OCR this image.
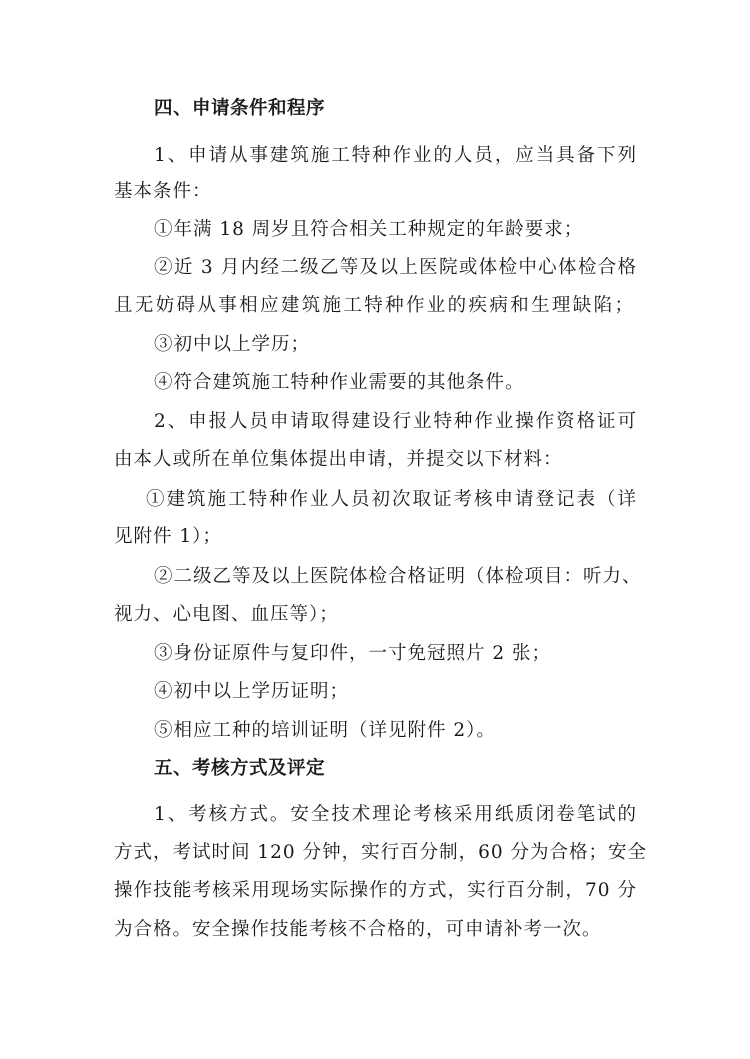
四、申请条件和程序
1、申请从事建筑施工特种作业的人员，应当具备下列
基本条件：
①年满 18 周岁且符合相关工种规定的年龄要求；
②近 3 月内经二级乙等及以上医院或体检中心体检合格
且无妨碍从事相应建筑施工特种作业的疾病和生理缺陷；
③初中以上学历；
④符合建筑施工特种作业需要的其他条件。
2、申报人员申请取得建设行业特种作业操作资格证可
由本人或所在单位集体提出申请，并提交以下材料：
①建筑施工特种作业人员初次取证考核申请登记表（详
见附件 1）；
②二级乙等及以上医院体检合格证明（体检项目：听力、
视力、心电图、血压等）；
③身份证原件与复印件，一寸免冠照片 2 张；
④初中以上学历证明；
⑤相应工种的培训证明（详见附件 2）。
五、考核方式及评定
1、考核方式。安全技术理论考核采用纸质闭卷笔试的
方式，考试时间 120 分钟，实行百分制，60 分为合格；安全
操作技能考核采用现场实际操作的方式，实行百分制，70 分
为合格。安全操作技能考核不合格的，可申请补考一次。
